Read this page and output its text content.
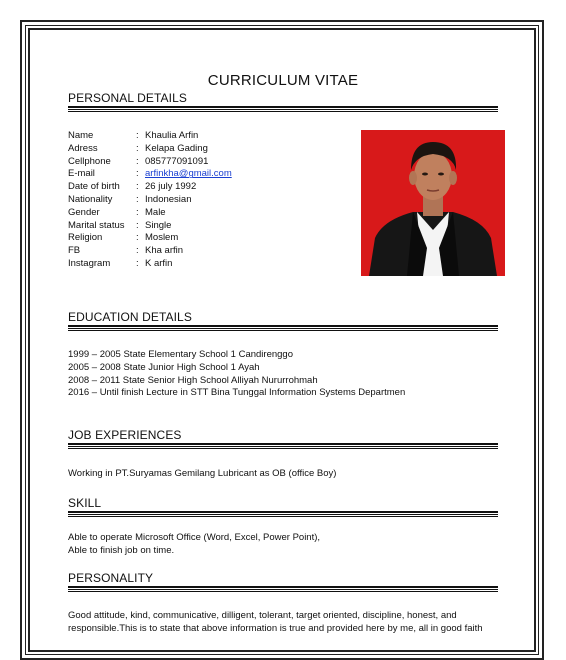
CURRICULUM VITAE
PERSONAL DETAILS
Name	: Khaulia Arfin
Adress	: Kelapa Gading
Cellphone	: 085777091091
E-mail	: arfinkha@gmail.com
Date of birth	: 26 july 1992
Nationality	: Indonesian
Gender	: Male
Marital status	: Single
Religion	: Moslem
FB	: Kha arfin
Instagram	: K arfin
EDUCATION DETAILS
1999 – 2005 State Elementary School 1 Candirenggo
2005 – 2008 State Junior High School 1 Ayah
2008 – 2011 State Senior High School Alliyah Nururrohmah
2016 – Until finish Lecture in STT Bina Tunggal Information Systems Departmen
JOB EXPERIENCES
Working in PT.Suryamas Gemilang Lubricant as OB (office Boy)
SKILL
Able to operate Microsoft Office (Word, Excel, Power Point),
Able to finish job on time.
PERSONALITY
Good attitude, kind, communicative, dilligent, tolerant, target oriented, discipline, honest, and
responsible.This is to state that above information is true and provided here by me, all in good faith
